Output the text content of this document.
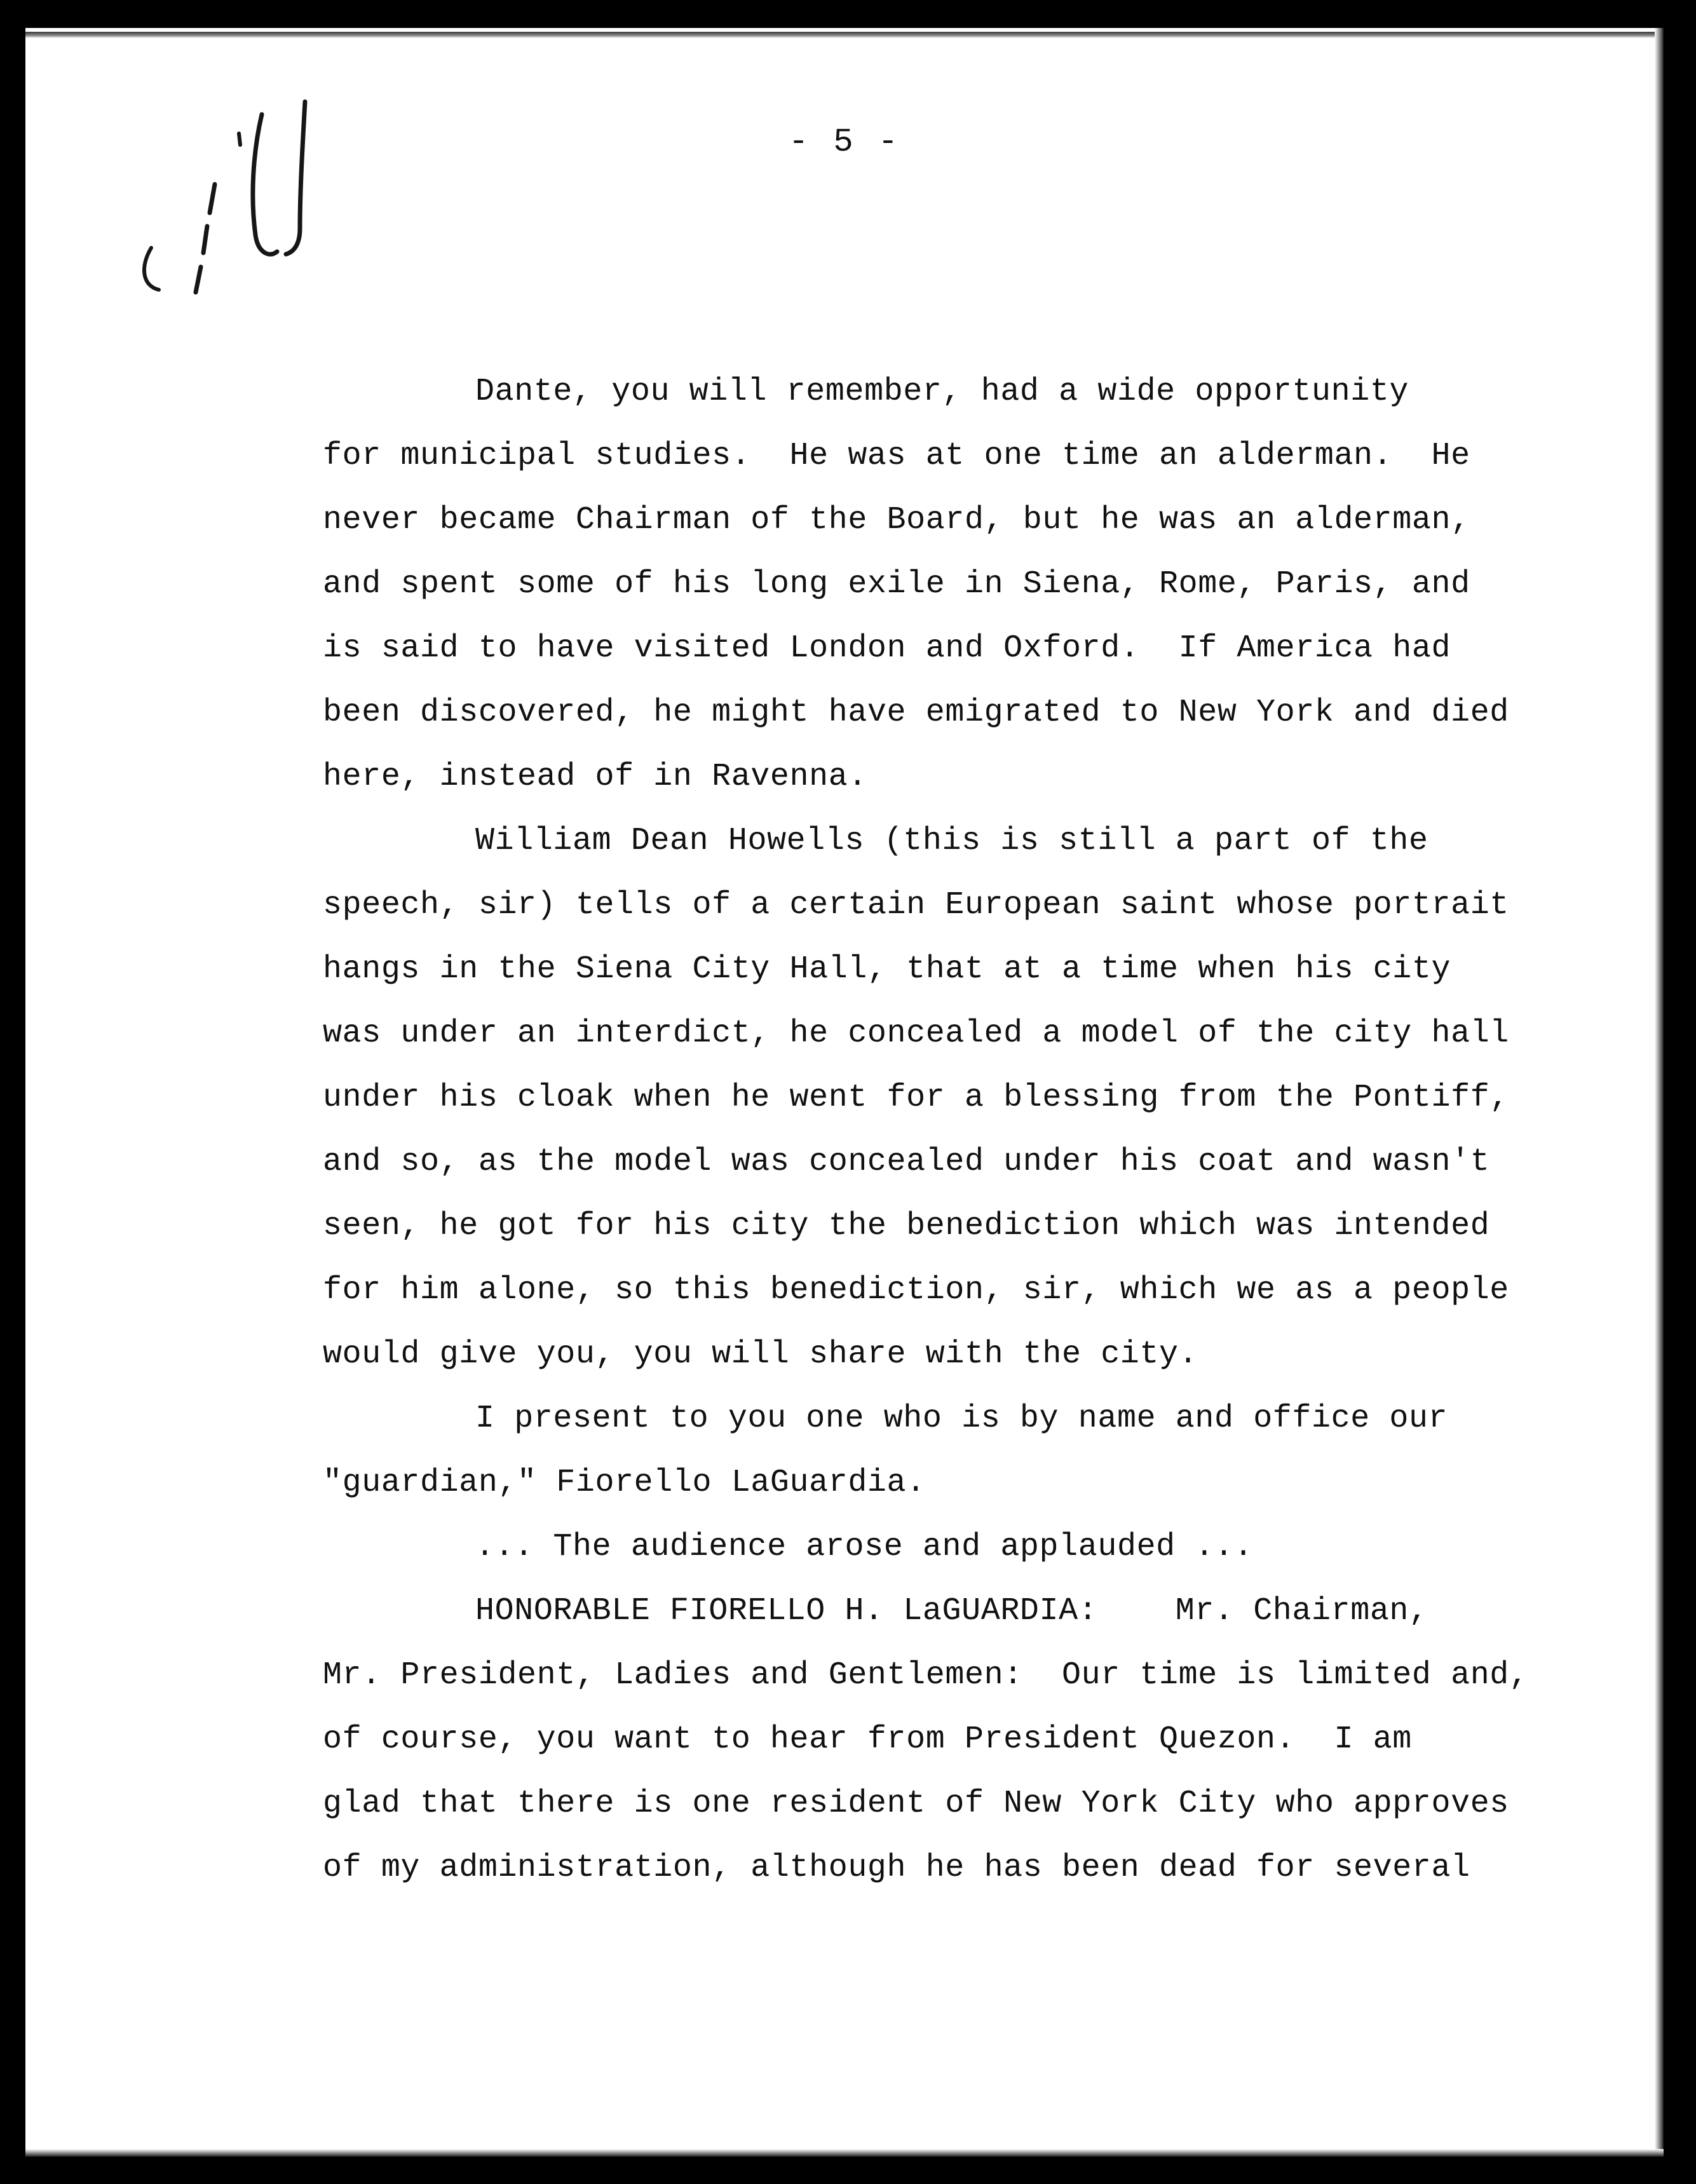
- 5 -
Dante, you will remember, had a wide opportunity
for municipal studies.  He was at one time an alderman.  He
never became Chairman of the Board, but he was an alderman,
and spent some of his long exile in Siena, Rome, Paris, and
is said to have visited London and Oxford.  If America had
been discovered, he might have emigrated to New York and died
here, instead of in Ravenna.
William Dean Howells (this is still a part of the
speech, sir) tells of a certain European saint whose portrait
hangs in the Siena City Hall, that at a time when his city
was under an interdict, he concealed a model of the city hall
under his cloak when he went for a blessing from the Pontiff,
and so, as the model was concealed under his coat and wasn't
seen, he got for his city the benediction which was intended
for him alone, so this benediction, sir, which we as a people
would give you, you will share with the city.
I present to you one who is by name and office our
"guardian," Fiorello LaGuardia.
... The audience arose and applauded ...
HONORABLE FIORELLO H. LaGUARDIA:    Mr. Chairman,
Mr. President, Ladies and Gentlemen:  Our time is limited and,
of course, you want to hear from President Quezon.  I am
glad that there is one resident of New York City who approves
of my administration, although he has been dead for several
